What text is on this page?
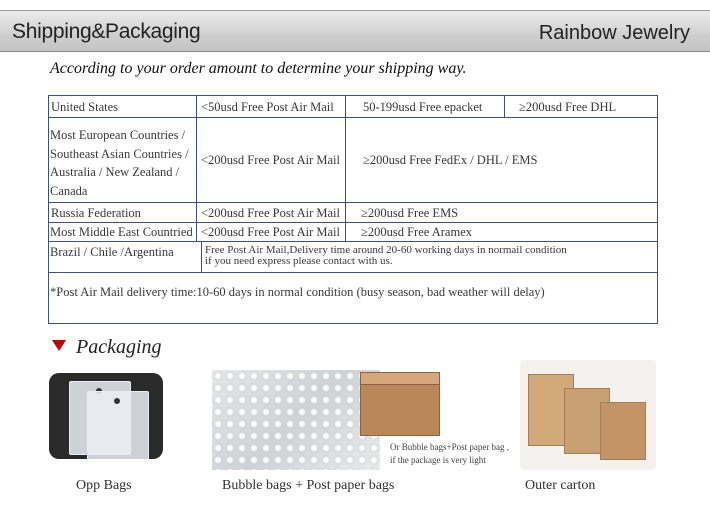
Shipping&Packaging	Rainbow Jewelry
According to your order amount to determine your shipping way.
United States	<50usd Free Post Air Mail 50-199usd Free epacket	≥200usd Free DHL
Most European Countries /
Southeast Asian Countries /
Australia / New Zealand /
Canada
<200usd Free Post Air Mail ≥200usd Free FedEx / DHL / EMS
Russia Federation	<200usd Free Post Air Mail ≥200usd Free EMS
Most Middle East Countried <200usd Free Post Air Mail ≥200usd Free Aramex
Brazil / Chile /Argentina	Free Post Air Mail,Delivery time around 20-60 working days in normail condition
if you need express please contact with us.
*Post Air Mail delivery time:10-60 days in normal condition (busy season, bad weather will delay)
Packaging
Opp Bags
Or Bubble bags+Post paper bag ,
if the package is very light
Bubble bags + Post paper bags	Outer carton
